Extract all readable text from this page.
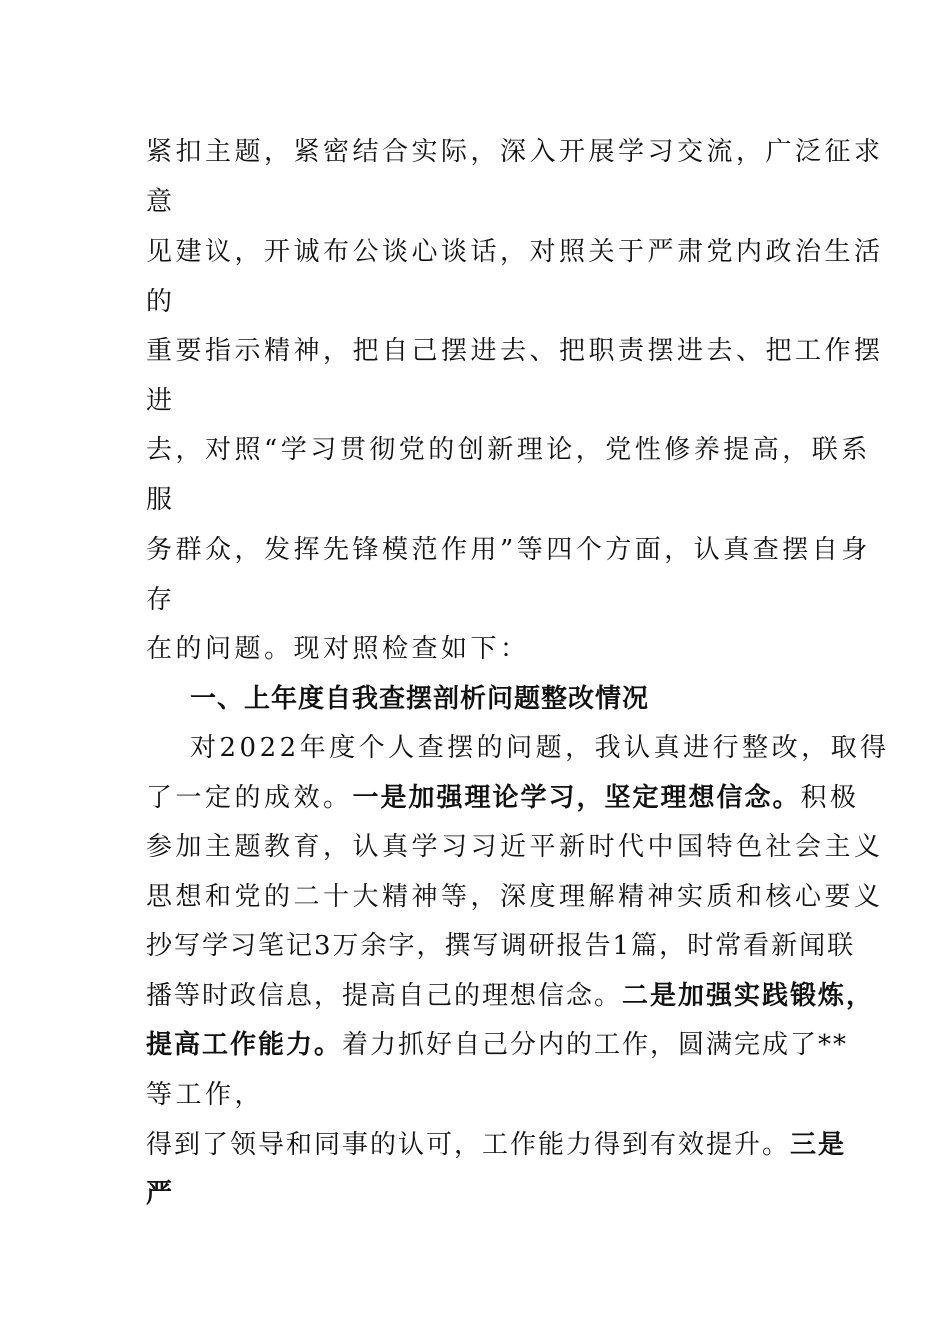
紧扣主题，紧密结合实际，深入开展学习交流，广泛征求
意
见建议，开诚布公谈心谈话，对照关于严肃党内政治生活
的
重要指示精神，把自己摆进去、把职责摆进去、把工作摆
进
去，对照“学习贯彻党的创新理论，党性修养提高，联系
服
务群众，发挥先锋模范作用”等四个方面，认真查摆自身
存
在的问题。现对照检查如下：
一、上年度自我查摆剖析问题整改情况
对2022年度个人查摆的问题，我认真进行整改，取得
了一定的成效。一是加强理论学习，坚定理想信念。积极
参加主题教育，认真学习习近平新时代中国特色社会主义
思想和党的二十大精神等，深度理解精神实质和核心要义
抄写学习笔记3万余字，撰写调研报告1篇，时常看新闻联
播等时政信息，提高自己的理想信念。二是加强实践锻炼，
提高工作能力。着力抓好自己分内的工作，圆满完成了**
等工作，
得到了领导和同事的认可，工作能力得到有效提升。三是
严
